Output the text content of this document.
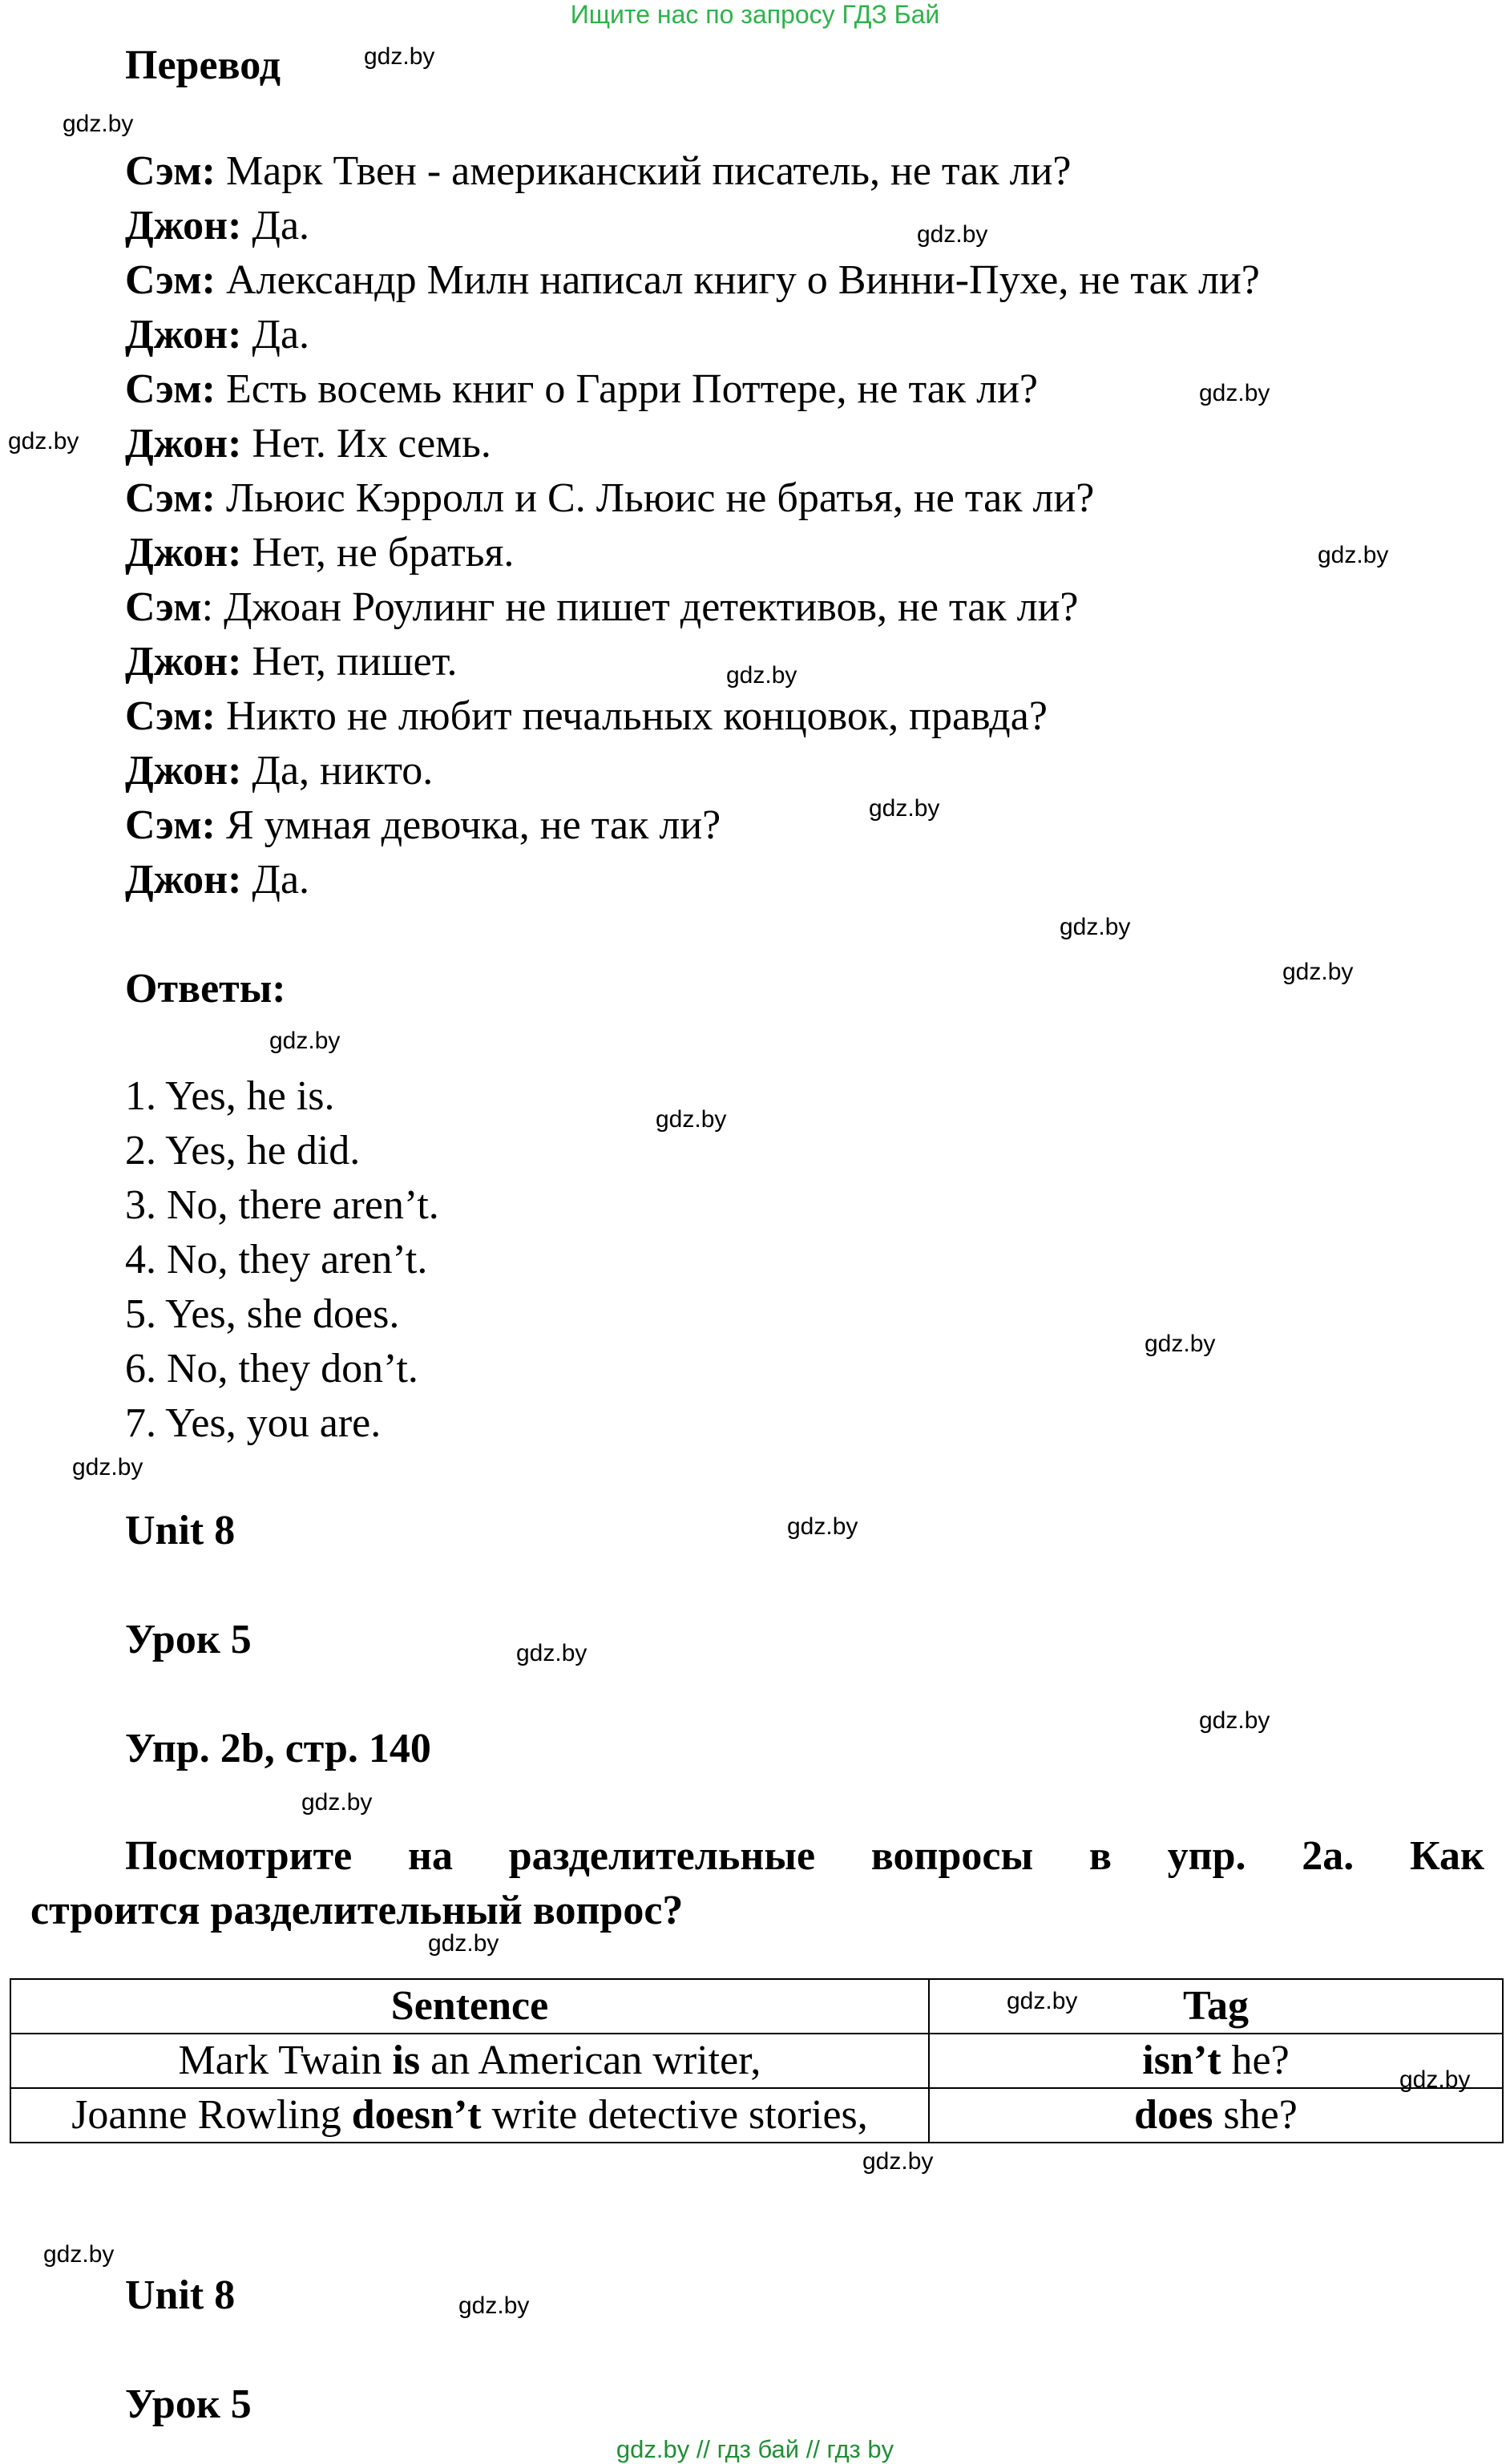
Ищите нас по запросу ГДЗ Бай
Перевод
Сэм: Марк Твен - американский писатель, не так ли?
Джон: Да.
Сэм: Александр Милн написал книгу о Винни-Пухе, не так ли?
Джон: Да.
Сэм: Есть восемь книг о Гарри Поттере, не так ли?
Джон: Нет. Их семь.
Сэм: Льюис Кэрролл и С. Льюис не братья, не так ли?
Джон: Нет, не братья.
Сэм: Джоан Роулинг не пишет детективов, не так ли?
Джон: Нет, пишет.
Сэм: Никто не любит печальных концовок, правда?
Джон: Да, никто.
Сэм: Я умная девочка, не так ли?
Джон: Да.
Ответы:
1. Yes, he is.
2. Yes, he did.
3. No, there aren’t.
4. No, they aren’t.
5. Yes, she does.
6. No, they don’t.
7. Yes, you are.
Unit 8
Урок 5
Упр. 2b, стр. 140
Посмотрите на разделительные вопросы в упр. 2а. Как
строится разделительный вопрос?
Sentence	Tag
Mark Twain is an American writer,	isn’t he?
Joanne Rowling doesn’t write detective stories,	does she?
Unit 8
Урок 5
gdz.by
gdz.by
gdz.by
gdz.by
gdz.by
gdz.by
gdz.by
gdz.by
gdz.by
gdz.by
gdz.by
gdz.by
gdz.by
gdz.by
gdz.by
gdz.by
gdz.by
gdz.by
gdz.by
gdz.by
gdz.by
gdz.by
gdz.by
gdz.by
gdz.by // гдз бай // гдз by
